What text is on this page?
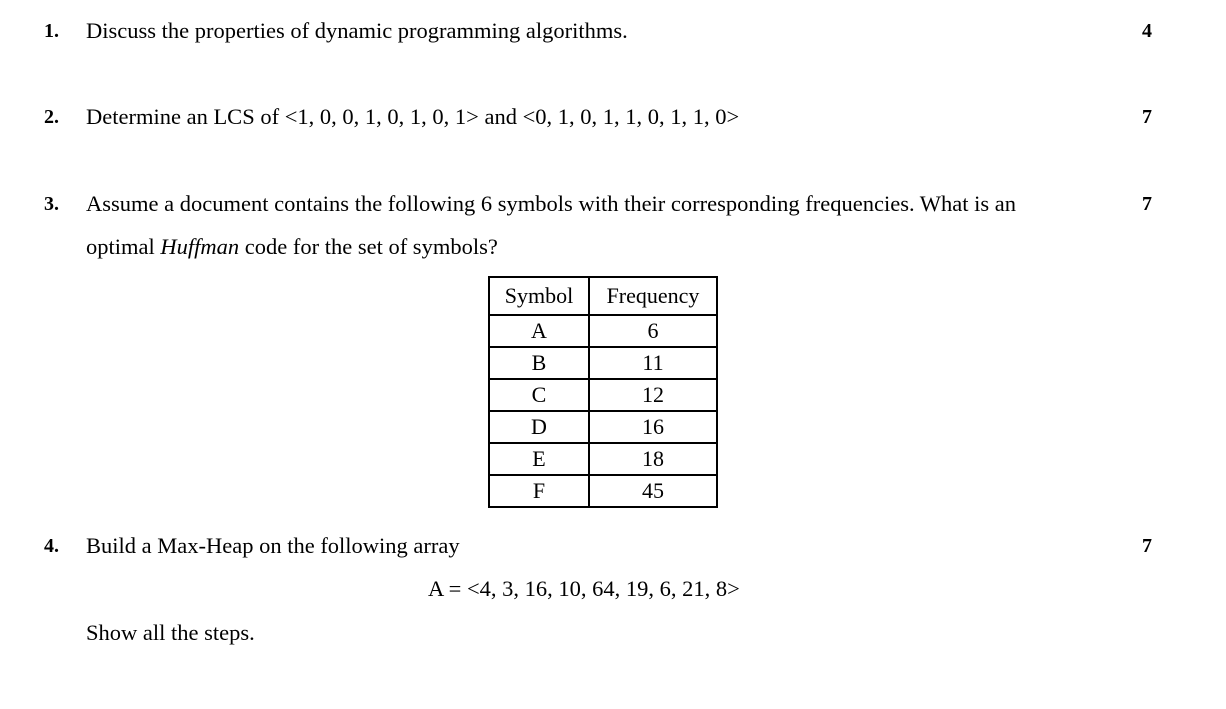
1. Discuss the properties of dynamic programming algorithms.	4
2. Determine an LCS of <1, 0, 0, 1, 0, 1, 0, 1> and <0, 1, 0, 1, 1, 0, 1, 1, 0>	7
3. Assume a document contains the following 6 symbols with their corresponding frequencies. What is an	7
optimal Huffman code for the set of symbols?
Symbol	Frequency
A	6
B	11
C	12
D	16
E	18
F	45
4. Build a Max-Heap on the following array	7
A = <4, 3, 16, 10, 64, 19, 6, 21, 8>
Show all the steps.
